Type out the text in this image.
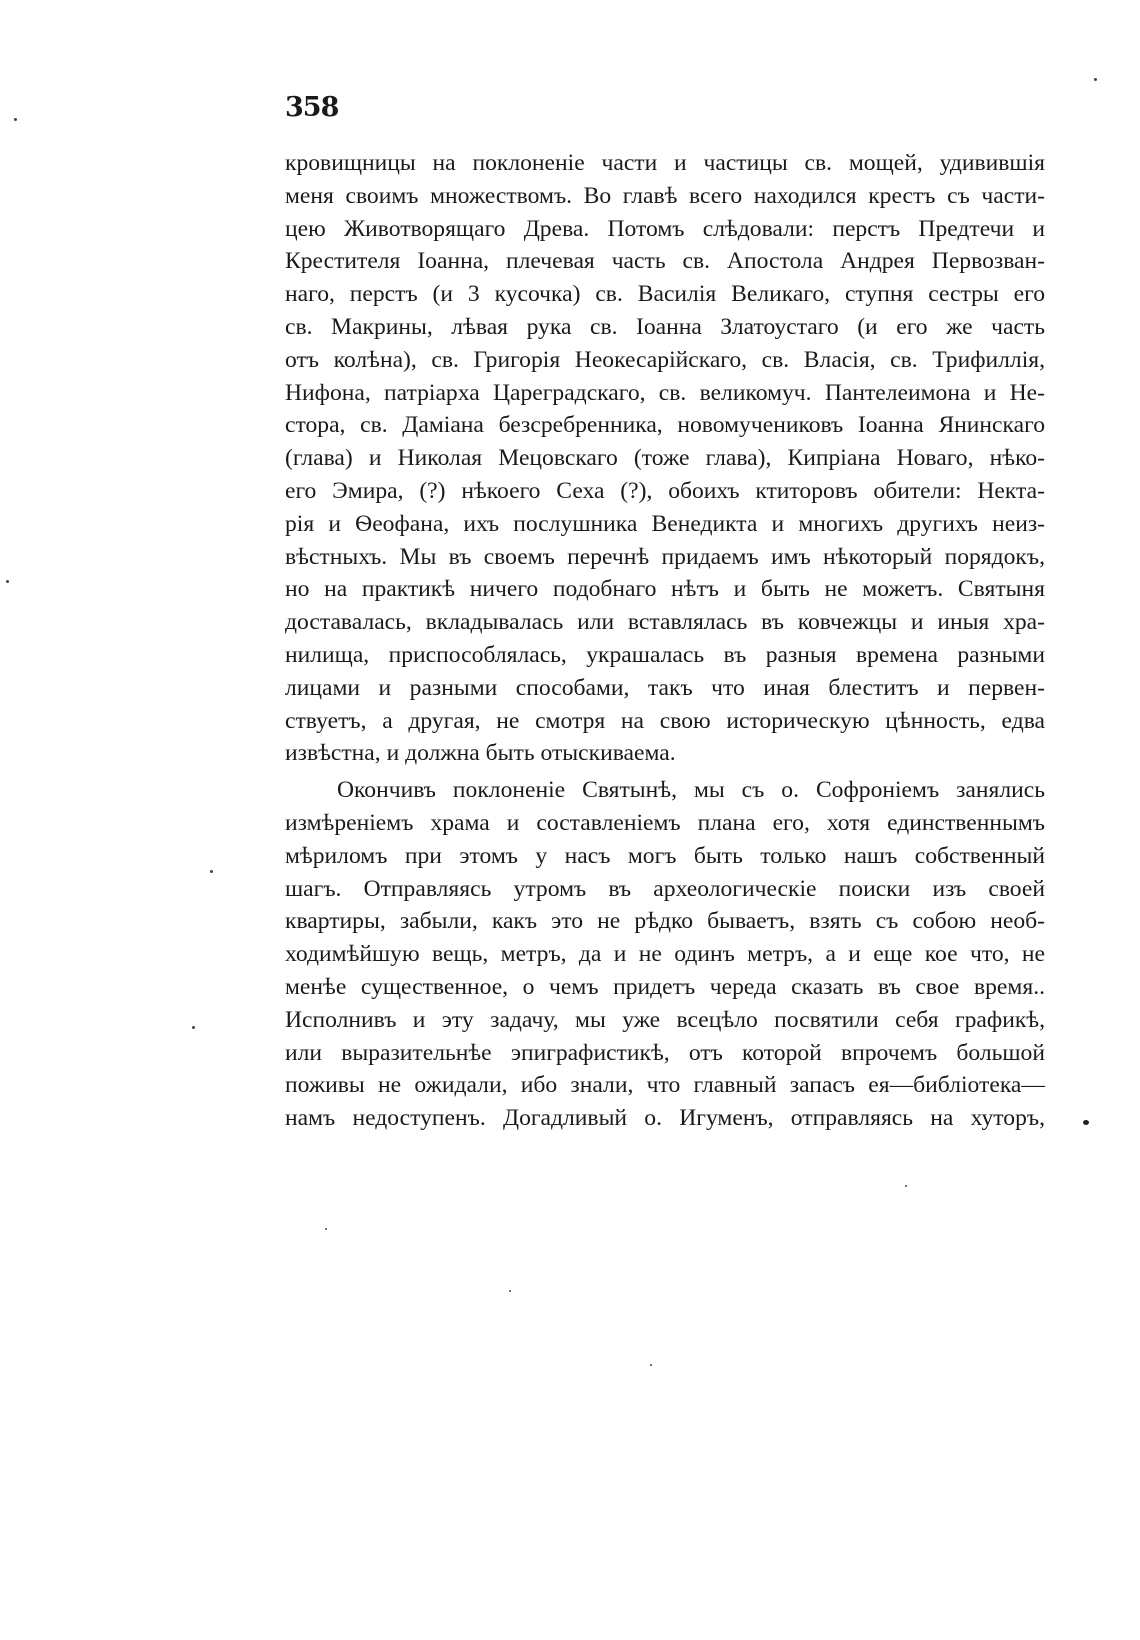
358
кровищницы на поклоненіе части и частицы св. мощей, удивившія
меня своимъ множествомъ. Во главѣ всего находился крестъ съ части-
цею Животворящаго Древа. Потомъ слѣдовали: перстъ Предтечи и
Крестителя Іоанна, плечевая часть св. Апостола Андрея Первозван-
наго, перстъ (и 3 кусочка) св. Василія Великаго, ступня сестры его
св. Макрины, лѣвая рука св. Іоанна Златоустаго (и его же часть
отъ колѣна), св. Григорія Неокесарійскаго, св. Власія, св. Трифиллія,
Нифона, патріарха Цареградскаго, св. великомуч. Пантелеимона и Не-
стора, св. Даміана безсребренника, новомучениковъ Іоанна Янинскаго
(глава) и Николая Мецовскаго (тоже глава), Кипріана Новаго, нѣко-
его Эмира, (?) нѣкоего Сеха (?), обоихъ ктиторовъ обители: Некта-
рія и Ѳеофана, ихъ послушника Венедикта и многихъ другихъ неиз-
вѣстныхъ. Мы въ своемъ перечнѣ придаемъ имъ нѣкоторый порядокъ,
но на практикѣ ничего подобнаго нѣтъ и быть не можетъ. Святыня
доставалась, вкладывалась или вставлялась въ ковчежцы и иныя хра-
нилища, приспособлялась, украшалась въ разныя времена разными
лицами и разными способами, такъ что иная блеститъ и первен-
ствуетъ, а другая, не смотря на свою историческую цѣнность, едва
извѣстна, и должна быть отыскиваема.
Окончивъ поклоненіе Святынѣ, мы съ о. Софроніемъ занялись
измѣреніемъ храма и составленіемъ плана его, хотя единственнымъ
мѣриломъ при этомъ у насъ могъ быть только нашъ собственный
шагъ. Отправляясь утромъ въ археологическіе поиски изъ своей
квартиры, забыли, какъ это не рѣдко бываетъ, взять съ собою необ-
ходимѣйшую вещь, метръ, да и не одинъ метръ, а и еще кое что, не
менѣе существенное, о чемъ придетъ череда сказать въ свое время..
Исполнивъ и эту задачу, мы уже всецѣло посвятили себя графикѣ,
или выразительнѣе эпиграфистикѣ, отъ которой впрочемъ большой
поживы не ожидали, ибо знали, что главный запасъ ея—библіотека—
намъ недоступенъ. Догадливый о. Игуменъ, отправляясь на хуторъ,
